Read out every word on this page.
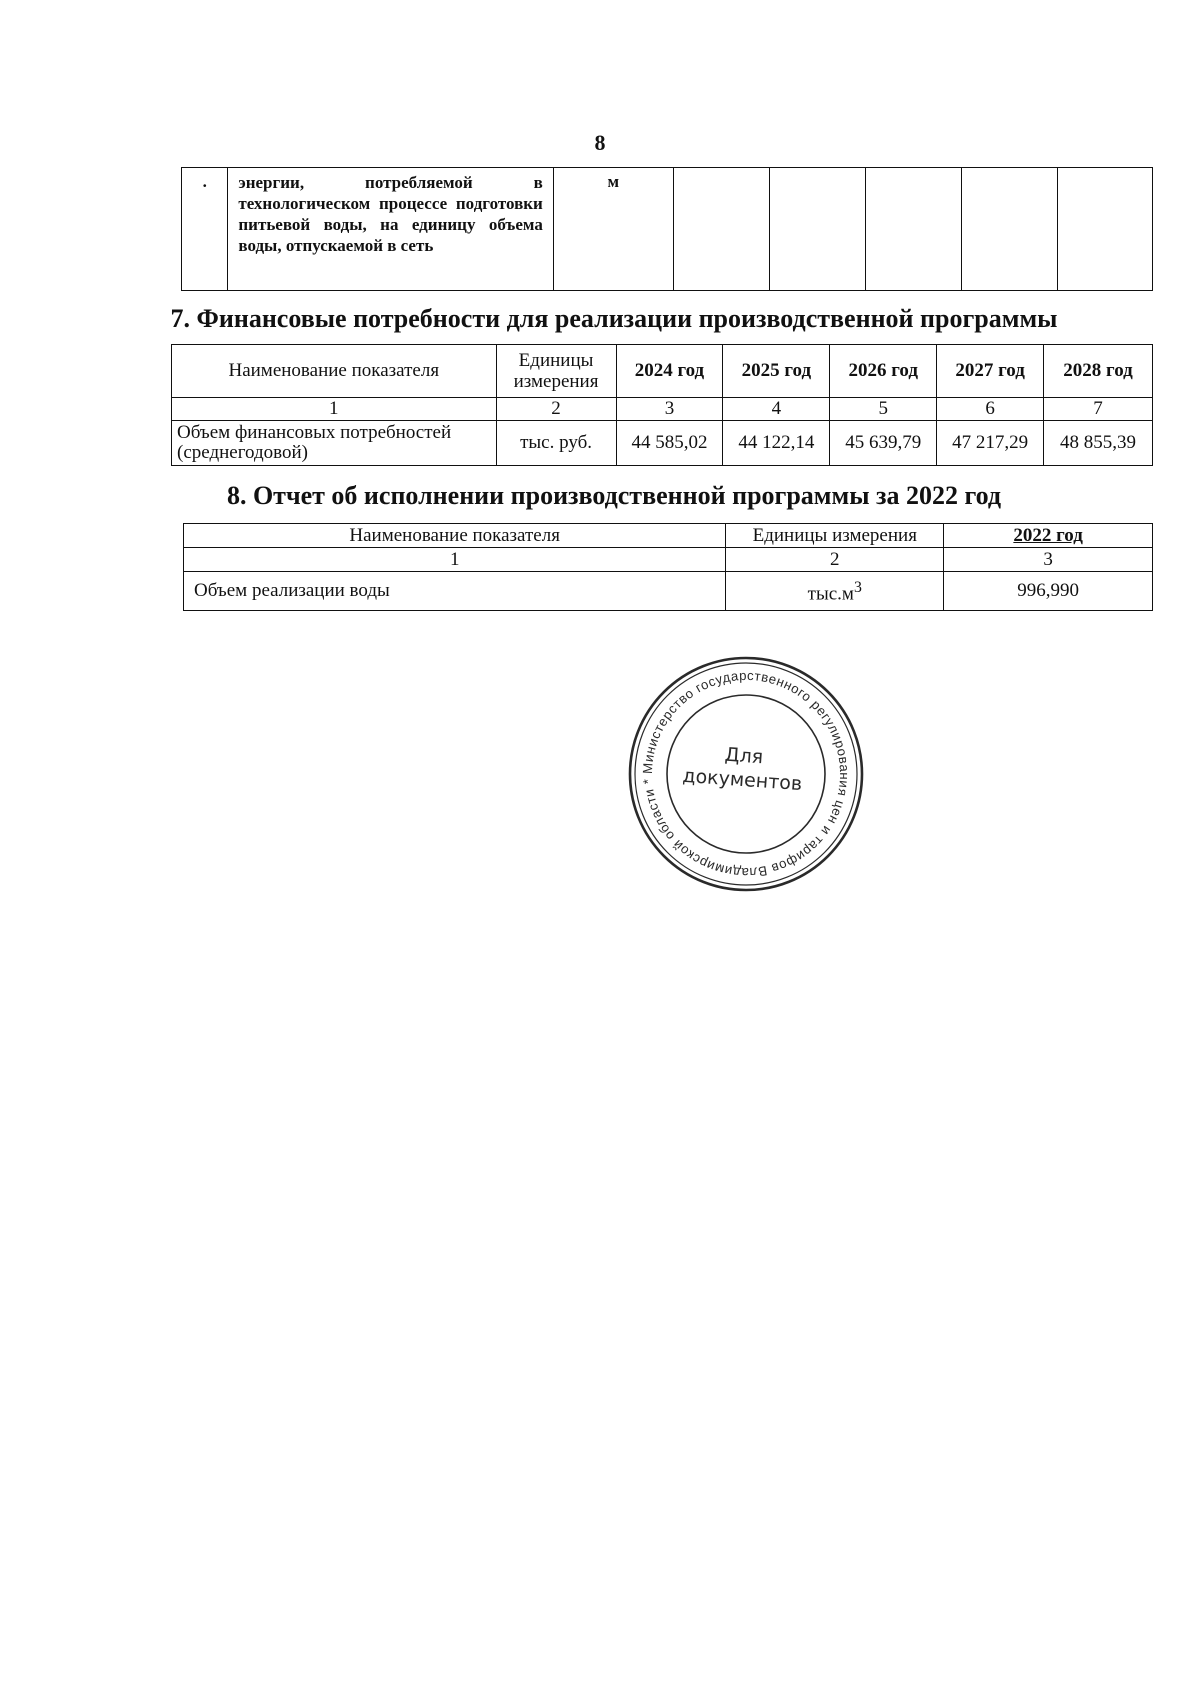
8
.	энергии, потребляемой в технологическом процессе подготовки питьевой воды, на единицу объема воды, отпускаемой в сеть	м					
7. Финансовые потребности для реализации производственной программы
Наименование показателя	Единицы измерения	2024 год	2025 год	2026 год	2027 год	2028 год
1	2	3	4	5	6	7
Объем финансовых потребностей (среднегодовой)	тыс. руб.	44 585,02	44 122,14	45 639,79	47 217,29	48 855,39
8. Отчет об исполнении производственной программы за 2022 год
Наименование показателя	Единицы измерения	2022 год
1	2	3
Объем реализации воды	$тыс.м^3$	996,990
Министерство государственного регулирования цен и тарифов Владимирской области *
Для
документов
